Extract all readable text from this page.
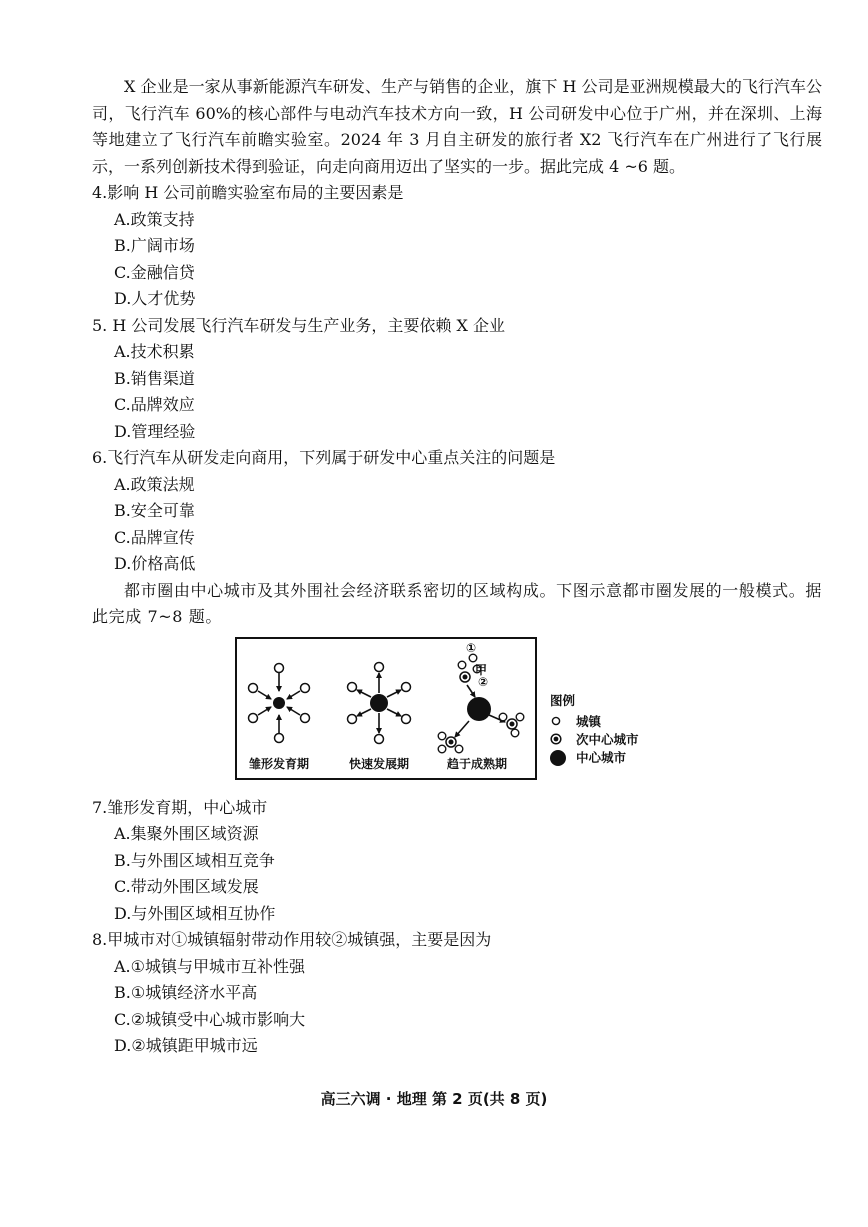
X 企业是一家从事新能源汽车研发、生产与销售的企业，旗下 H 公司是亚洲规模最大的飞行汽车公司，飞行汽车 60%的核心部件与电动汽车技术方向一致，H 公司研发中心位于广州，并在深圳、上海等地建立了飞行汽车前瞻实验室。2024 年 3 月自主研发的旅行者 X2 飞行汽车在广州进行了飞行展示，一系列创新技术得到验证，向走向商用迈出了坚实的一步。据此完成 4 ~6 题。

4.影响 H 公司前瞻实验室布局的主要因素是

A.政策支持

B.广阔市场

C.金融信贷

D.人才优势

5. H 公司发展飞行汽车研发与生产业务，主要依赖 X 企业

A.技术积累

B.销售渠道

C.品牌效应

D.管理经验

6.飞行汽车从研发走向商用，下列属于研发中心重点关注的问题是

A.政策法规

B.安全可靠

C.品牌宣传

D.价格高低

都市圈由中心城市及其外围社会经济联系密切的区域构成。下图示意都市圈发展的一般模式。据此完成 7~8 题。

①
甲
②
雏形发育期	快速发展期	趋于成熟期
图例
城镇
次中心城市
中心城市

7.雏形发育期，中心城市

A.集聚外围区域资源

B.与外围区域相互竞争

C.带动外围区域发展

D.与外围区域相互协作

8.甲城市对①城镇辐射带动作用较②城镇强，主要是因为

A.①城镇与甲城市互补性强

B.①城镇经济水平高

C.②城镇受中心城市影响大

D.②城镇距甲城市远

高三六调 · 地理 第 2 页(共 8 页)
